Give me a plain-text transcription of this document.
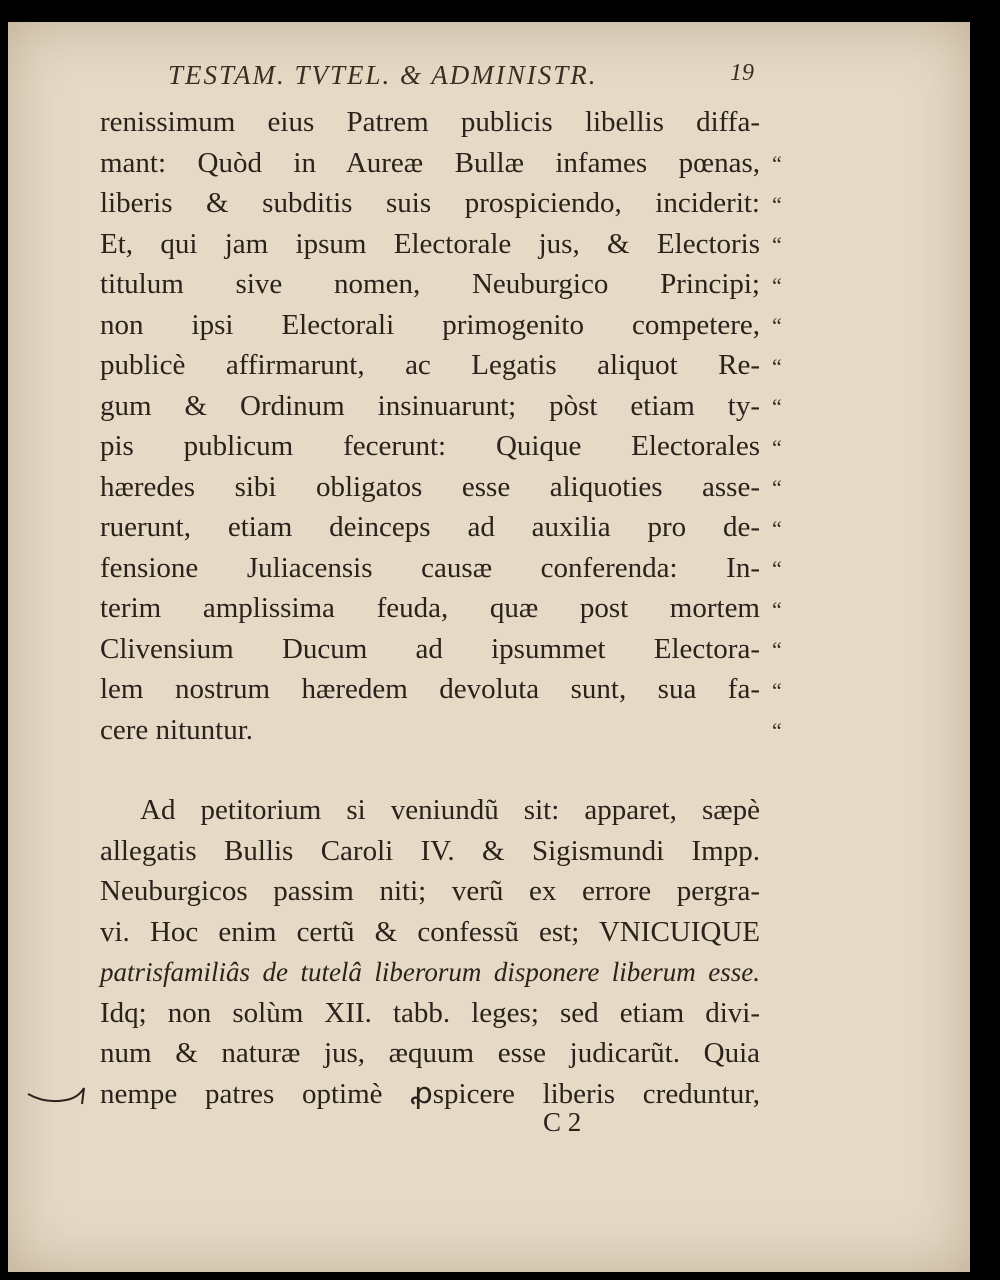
TESTAM. TVTEL. & ADMINISTR.	19
renissimum eius Patrem publicis libellis diffa-
mant: Quòd in Aureæ Bullæ infames pœnas,
liberis & subditis suis prospiciendo, inciderit:
Et, qui jam ipsum Electorale jus, & Electoris
titulum sive nomen, Neuburgico Principi;
non ipsi Electorali primogenito competere,
publicè affirmarunt, ac Legatis aliquot Re-
gum & Ordinum insinuarunt; pòst etiam ty-
pis publicum fecerunt: Quique Electorales
hæredes sibi obligatos esse aliquoties asse-
ruerunt, etiam deinceps ad auxilia pro de-
fensione Juliacensis causæ conferenda: In-
terim amplissima feuda, quæ post mortem
Clivensium Ducum ad ipsummet Electora-
lem nostrum hæredem devoluta sunt, sua fa-
cere nituntur.
Ad petitorium si veniundũ sit: apparet, sæpè
allegatis Bullis Caroli IV. & Sigismundi Impp.
Neuburgicos passim niti; verũ ex errore pergra-
vi. Hoc enim certũ & confessũ est; VNICUIQUE
patrisfamiliâs de tutelâ liberorum disponere liberum esse.
Idq; non solùm XII. tabb. leges; sed etiam divi-
num & naturæ jus, æquum esse judicarũt. Quia
nempe patres optimè ꝓspicere liberis creduntur,
“
“
“
“
“
“
“
“
“
“
“
“
“
“
“
C 2
